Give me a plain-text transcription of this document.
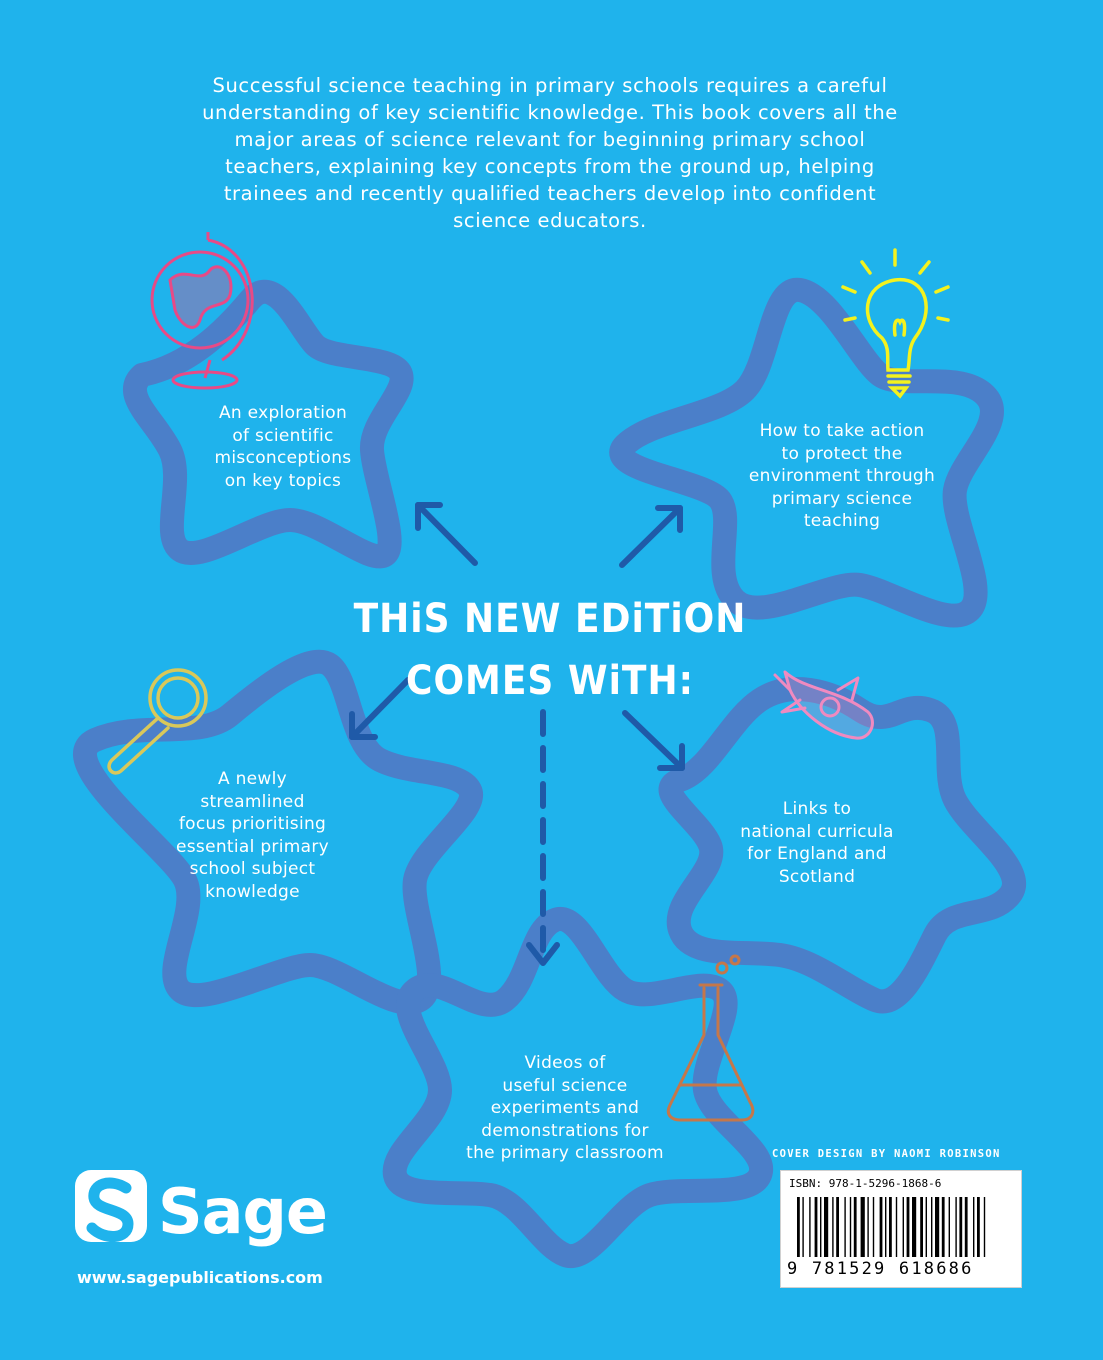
Successful science teaching in primary schools requires a careful understanding of key scientific knowledge. This book covers all the major areas of science relevant for beginning primary school teachers, explaining key concepts from the ground up, helping trainees and recently qualified teachers develop into confident science educators.
An exploration
of scientific
misconceptions
on key topics
How to take action
to protect the
environment through
primary science
teaching
THiS NEW EDiTiON
COMES WiTH:
A newly
streamlined
focus prioritising
essential primary
school subject
knowledge
Links to
national curricula
for England and
Scotland
Videos of
useful science
experiments and
demonstrations for
the primary classroom	COVER DESIGN BY NAOMI ROBINSON
ISBN: 978-1-5296-1868-6
9 781529 618686
Sage
www.sagepublications.com
